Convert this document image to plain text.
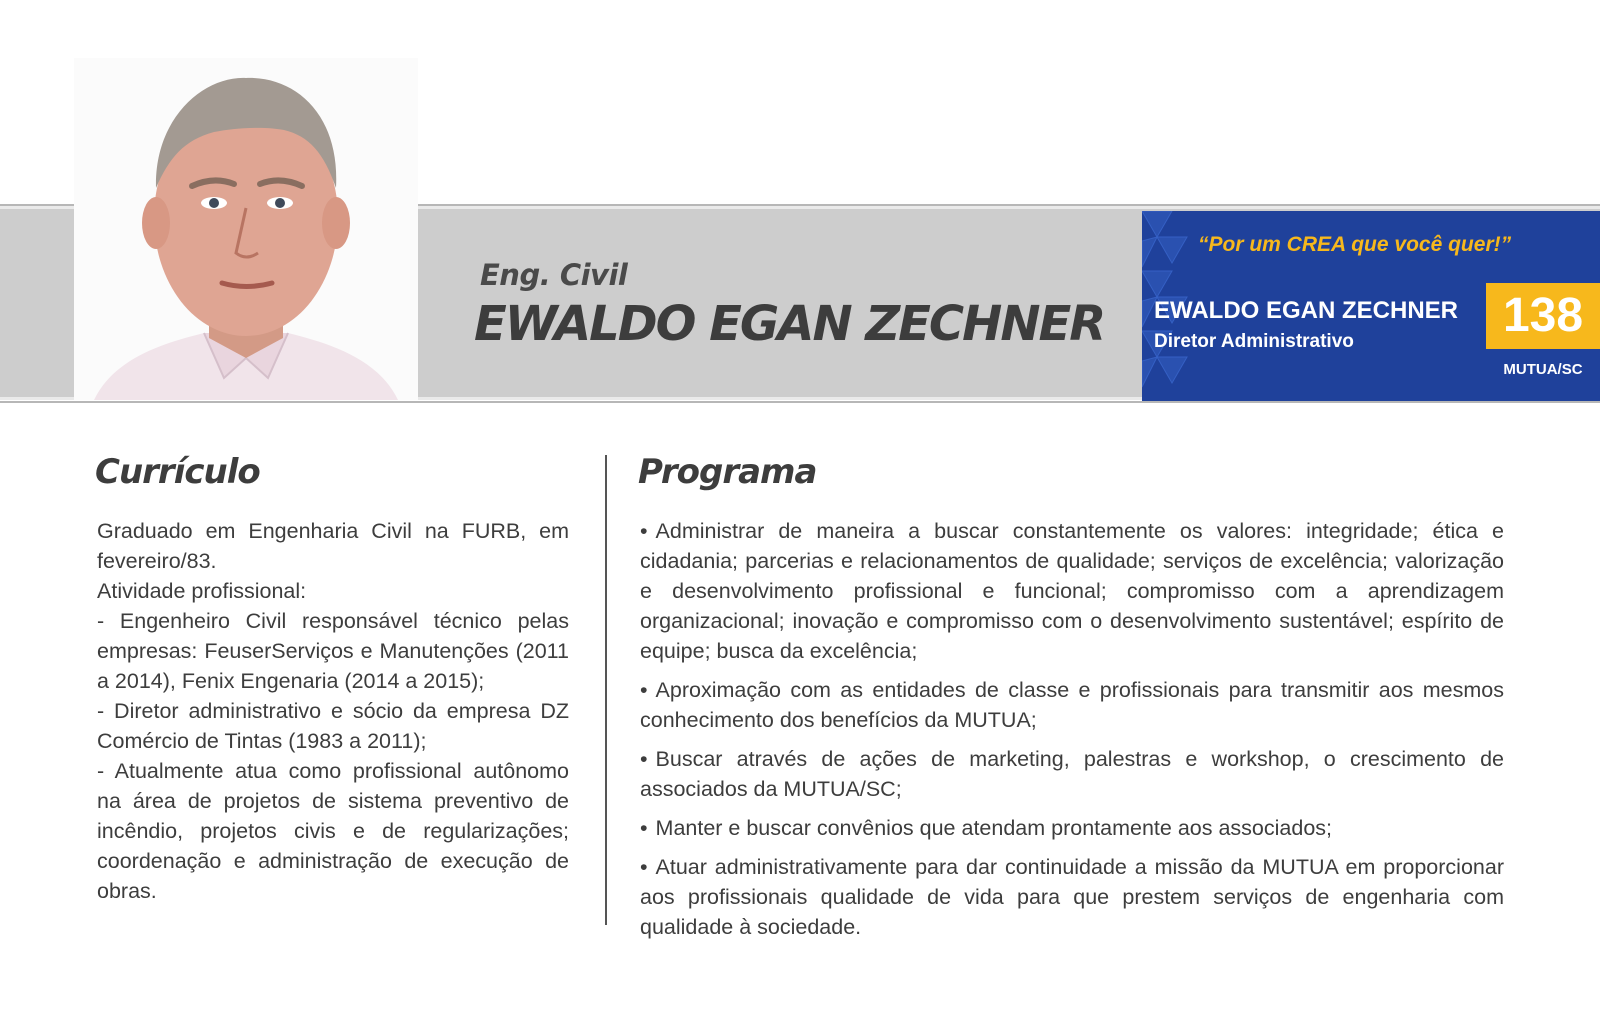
Eng. Civil
EWALDO EGAN ZECHNER
“Por um CREA que você quer!”
EWALDO EGAN ZECHNER
Diretor Administrativo	138
MUTUA/SC
Currículo

Graduado em Engenharia Civil na FURB, em fevereiro/83.

Atividade profissional:

- Engenheiro Civil responsável técnico pelas empresas: FeuserServiços e Manutenções (2011 a 2014), Fenix Engenaria (2014 a 2015);

- Diretor administrativo e sócio da empresa DZ Comércio de Tintas (1983 a 2011);

- Atualmente atua como profissional autônomo na área de projetos de sistema preventivo de incêndio, projetos civis e de regularizações; coordenação e administração de execução de obras.

Programa

• Administrar de maneira a buscar constantemente os valores: integridade; ética e cidadania; parcerias e relacionamentos de qualidade; serviços de excelência; valorização e desenvolvimento profissional e funcional; compromisso com a aprendizagem organizacional; inovação e compromisso com o desenvolvimento sustentável; espírito de equipe; busca da excelência;

• Aproximação com as entidades de classe e profissionais para transmitir aos mesmos conhecimento dos benefícios da MUTUA;

• Buscar através de ações de marketing, palestras e workshop, o crescimento de associados da MUTUA/SC;

• Manter e buscar convênios que atendam prontamente aos associados;

• Atuar administrativamente para dar continuidade a missão da MUTUA em proporcionar aos profissionais qualidade de vida para que prestem serviços de engenharia com qualidade à sociedade.
